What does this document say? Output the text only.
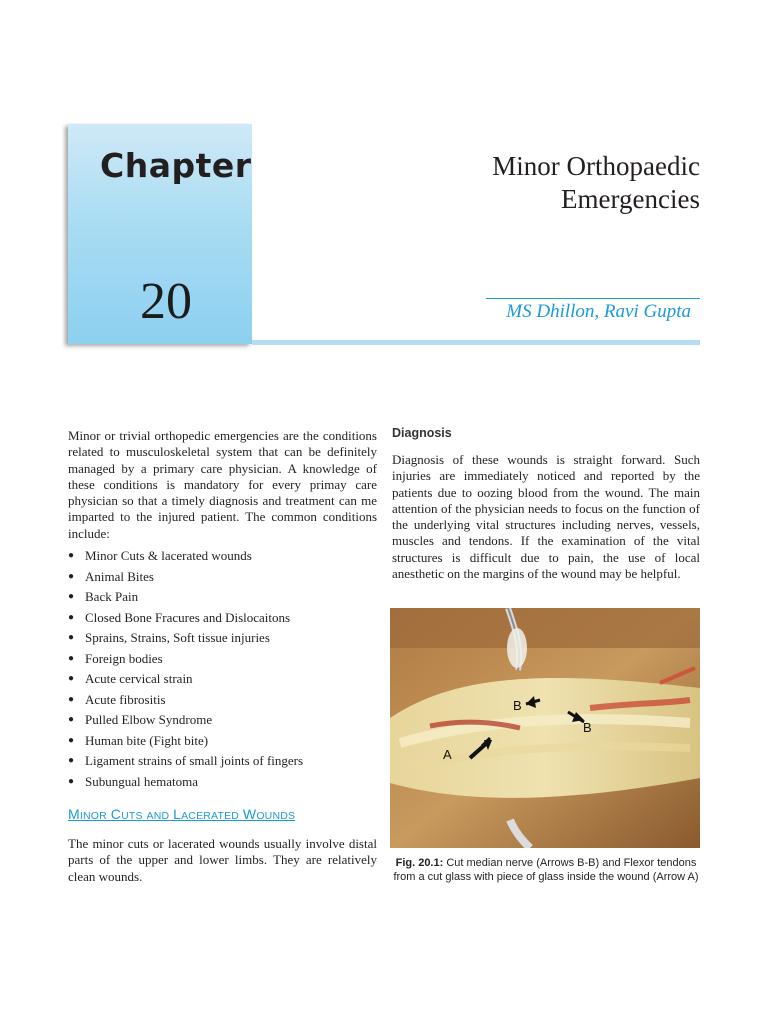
Chapter
20
Minor Orthopaedic
Emergencies
MS Dhillon, Ravi Gupta

Minor or trivial orthopedic emergencies are the conditions related to musculoskeletal system that can be definitely managed by a primary care physician. A knowledge of these conditions is mandatory for every primay care physician so that a timely diagnosis and treatment can me imparted to the injured patient. The common conditions include:

● Minor Cuts & lacerated wounds
● Animal Bites
● Back Pain
● Closed Bone Fracures and Dislocaitons
● Sprains, Strains, Soft tissue injuries
● Foreign bodies
● Acute cervical strain
● Acute fibrositis
● Pulled Elbow Syndrome
● Human bite (Fight bite)
● Ligament strains of small joints of fingers
● Subungual hematoma
MINOR CUTS AND LACERATED WOUNDS

The minor cuts or lacerated wounds usually involve distal parts of the upper and lower limbs. They are relatively clean wounds.

Diagnosis

Diagnosis of these wounds is straight forward. Such injuries are immediately noticed and reported by the patients due to oozing blood from the wound. The main attention of the physician needs to focus on the function of the underlying vital structures including nerves, vessels, muscles and tendons. If the examination of the vital structures is difficult due to pain, the use of local anesthetic on the margins of the wound may be helpful.

B
B
A
Fig. 20.1: Cut median nerve (Arrows B-B) and Flexor tendons from a cut glass with piece of glass inside the wound (Arrow A)
